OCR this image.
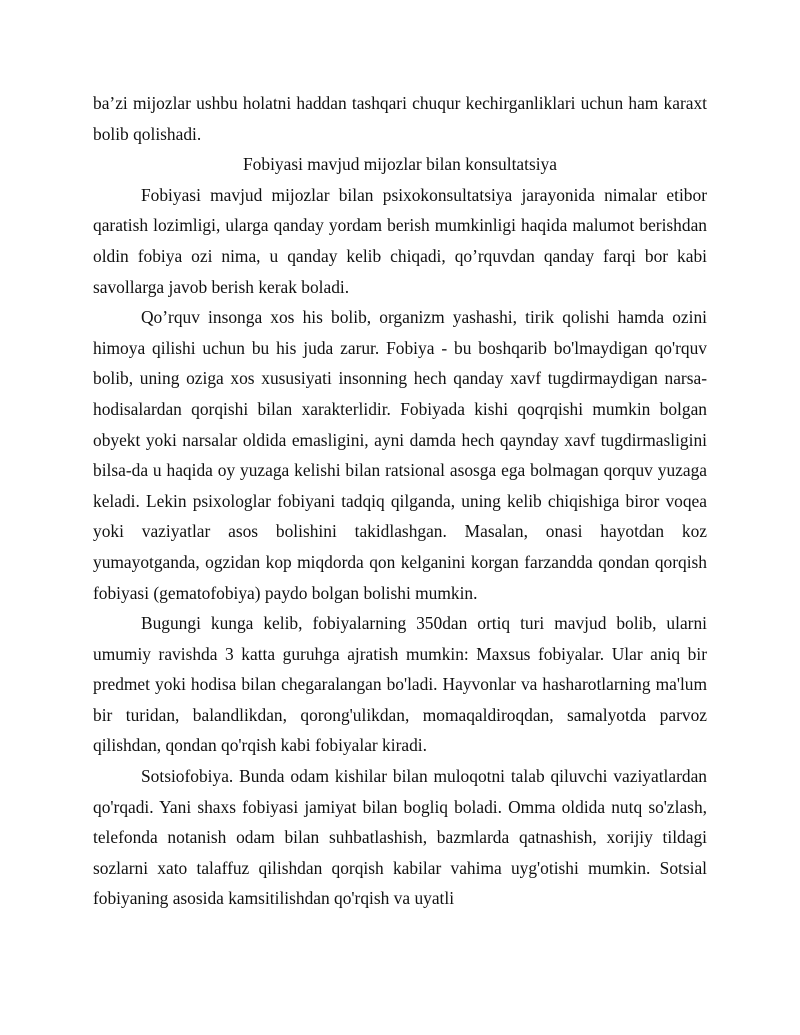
ba’zi mijozlar ushbu holatni haddan tashqari chuqur kechirganliklari uchun ham karaxt bolib qolishadi.

Fobiyasi mavjud mijozlar bilan konsultatsiya

Fobiyasi mavjud mijozlar bilan psixokonsultatsiya jarayonida nimalar etibor qaratish lozimligi, ularga qanday yordam berish mumkinligi haqida malumot berishdan oldin fobiya ozi nima, u qanday kelib chiqadi, qo’rquvdan qanday farqi bor kabi savollarga javob berish kerak boladi.

Qo’rquv insonga xos his bolib, organizm yashashi, tirik qolishi hamda ozini himoya qilishi uchun bu his juda zarur. Fobiya - bu boshqarib bo'lmaydigan qo'rquv bolib, uning oziga xos xususiyati insonning hech qanday xavf tugdirmaydigan narsa-hodisalardan qorqishi bilan xarakterlidir. Fobiyada kishi qoqrqishi mumkin bolgan obyekt yoki narsalar oldida emasligini, ayni damda hech qaynday xavf tugdirmasligini bilsa-da u haqida oy yuzaga kelishi bilan ratsional asosga ega bolmagan qorquv yuzaga keladi. Lekin psixologlar fobiyani tadqiq qilganda, uning kelib chiqishiga biror voqea yoki vaziyatlar asos bolishini takidlashgan. Masalan, onasi hayotdan koz yumayotganda, ogzidan kop miqdorda qon kelganini korgan farzandda qondan qorqish fobiyasi (gematofobiya) paydo bolgan bolishi mumkin.

Bugungi kunga kelib, fobiyalarning 350dan ortiq turi mavjud bolib, ularni umumiy ravishda 3 katta guruhga ajratish mumkin: Maxsus fobiyalar. Ular aniq bir predmet yoki hodisa bilan chegaralangan bo'ladi. Hayvonlar va hasharotlarning ma'lum bir turidan, balandlikdan, qorong'ulikdan, momaqaldiroqdan, samalyotda parvoz qilishdan, qondan qo'rqish kabi fobiyalar kiradi.

Sotsiofobiya. Bunda odam kishilar bilan muloqotni talab qiluvchi vaziyatlardan qo'rqadi. Yani shaxs fobiyasi jamiyat bilan bogliq boladi. Omma oldida nutq so'zlash, telefonda notanish odam bilan suhbatlashish, bazmlarda qatnashish, xorijiy tildagi sozlarni xato talaffuz qilishdan qorqish kabilar vahima uyg'otishi mumkin. Sotsial fobiyaning asosida kamsitilishdan qo'rqish va uyatli
